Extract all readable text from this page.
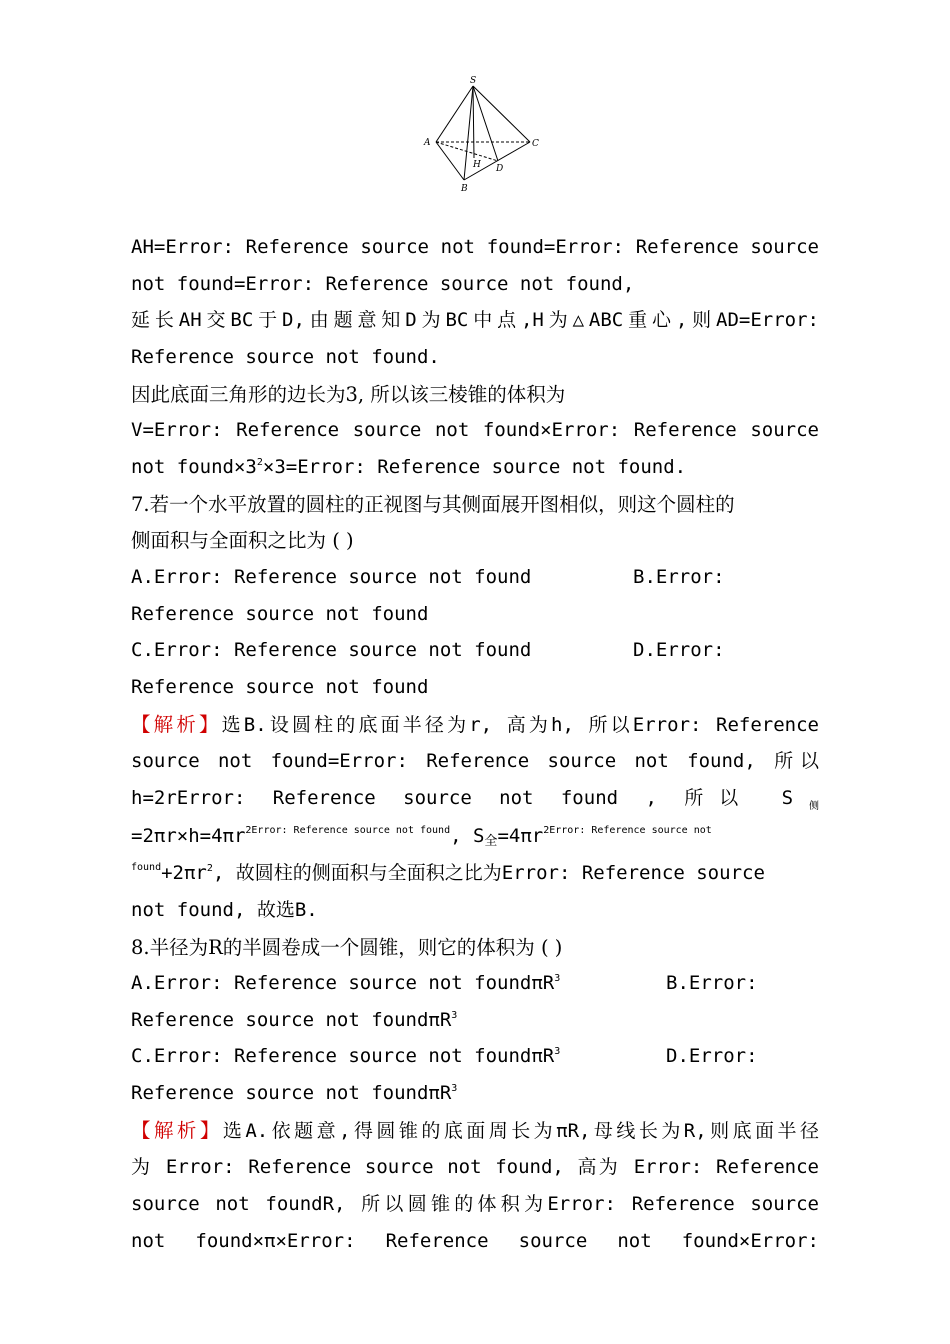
S
A	C
H D
B
AH=Error: Reference source not found=Error: Reference source
not found=Error: Reference source not found,
延长AH交BC于D,由题意知D为BC中点,H为△ABC重心,则AD=Error:
Reference source not found.
因此底面三角形的边长为3, 所以该三棱锥的体积为
V=Error: Reference source not found×Error: Reference source
not $found\times 3^2\times 3=Error$: Reference source not found.
7.若一个水平放置的圆柱的正视图与其侧面展开图相似，则这个圆柱的
侧面积与全面积之比为 ( )
A.Error: Reference source not found	B.Error:
Reference source not found
C.Error: Reference source not found	D.Error:
Reference source not found
【解析】选B.设圆柱的底面半径为r, 高为h, 所以Error: Reference
source not found=Error: Reference source not found, 所以
h=2rError: Reference source not found , 所以 $S_侧$
$=2\pi r\times h=4\pi r^{2Error: Reference source not found}$, $S_全=4\pi r^{2Error: Reference source not}$
$^{found}+2\pi r^2$, 故圆柱的侧面积与全面积之比为Error: Reference source
not found, 故选B.
8.半径为R的半圆卷成一个圆锥，则它的体积为 ( )
A.Error: Reference source not foundπR$^3$	B.Error:
Reference source not foundπR$^3$
C.Error: Reference source not foundπR$^3$	D.Error:
Reference source not foundπR$^3$
【解析】选A.依题意,得圆锥的底面周长为πR,母线长为R,则底面半径
为 Error: Reference source not found, 高为 Error: Reference
source not foundR, 所以圆锥的体积为Error: Reference source
not found×π×Error: Reference source not found×Error:
